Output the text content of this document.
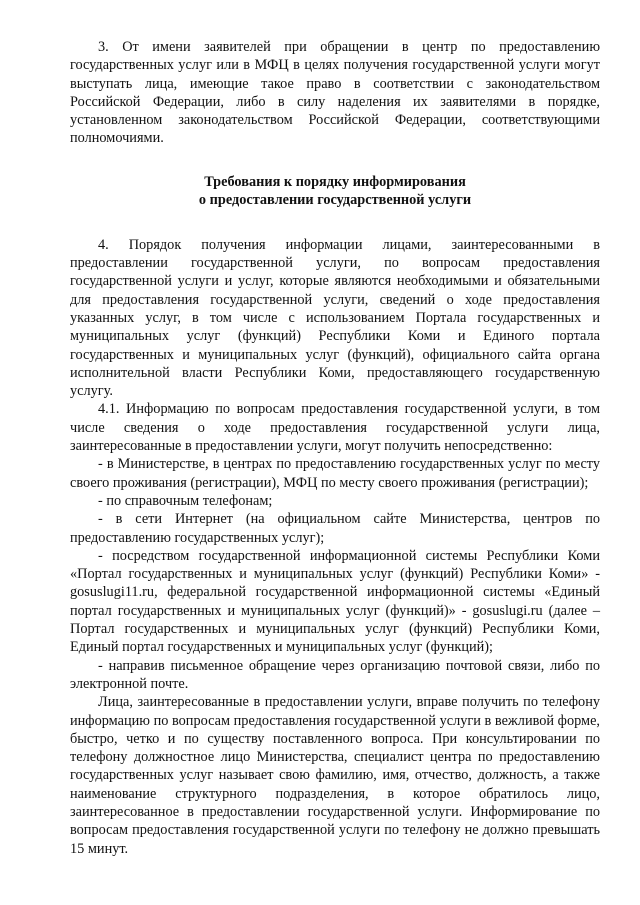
3. От имени заявителей при обращении в центр по предоставлению государственных услуг или в МФЦ в целях получения государственной услуги могут выступать лица, имеющие такое право в соответствии с законодательством Российской Федерации, либо в силу наделения их заявителями в порядке, установленном законодательством Российской Федерации, соответствующими полномочиями.

Требования к порядку информирования
о предоставлении государственной услуги

4. Порядок получения информации лицами, заинтересованными в предоставлении государственной услуги, по вопросам предоставления государственной услуги и услуг, которые являются необходимыми и обязательными для предоставления государственной услуги, сведений о ходе предоставления указанных услуг, в том числе с использованием Портала государственных и муниципальных услуг (функций) Республики Коми и Единого портала государственных и муниципальных услуг (функций), официального сайта органа исполнительной власти Республики Коми, предоставляющего государственную услугу.

4.1. Информацию по вопросам предоставления государственной услуги, в том числе сведения о ходе предоставления государственной услуги лица, заинтересованные в предоставлении услуги, могут получить непосредственно:

- в Министерстве, в центрах по предоставлению государственных услуг по месту своего проживания (регистрации), МФЦ по месту своего проживания (регистрации);

- по справочным телефонам;

- в сети Интернет (на официальном сайте Министерства, центров по предоставлению государственных услуг);

- посредством государственной информационной системы Республики Коми «Портал государственных и муниципальных услуг (функций) Республики Коми» - gosuslugi11.ru, федеральной государственной информационной системы «Единый портал государственных и муниципальных услуг (функций)» - gosuslugi.ru (далее – Портал государственных и муниципальных услуг (функций) Республики Коми, Единый портал государственных и муниципальных услуг (функций);

- направив письменное обращение через организацию почтовой связи, либо по электронной почте.

Лица, заинтересованные в предоставлении услуги, вправе получить по телефону информацию по вопросам предоставления государственной услуги в вежливой форме, быстро, четко и по существу поставленного вопроса. При консультировании по телефону должностное лицо Министерства, специалист центра по предоставлению государственных услуг называет свою фамилию, имя, отчество, должность, а также наименование структурного подразделения, в которое обратилось лицо, заинтересованное в предоставлении государственной услуги. Информирование по вопросам предоставления государственной услуги по телефону не должно превышать 15 минут.
